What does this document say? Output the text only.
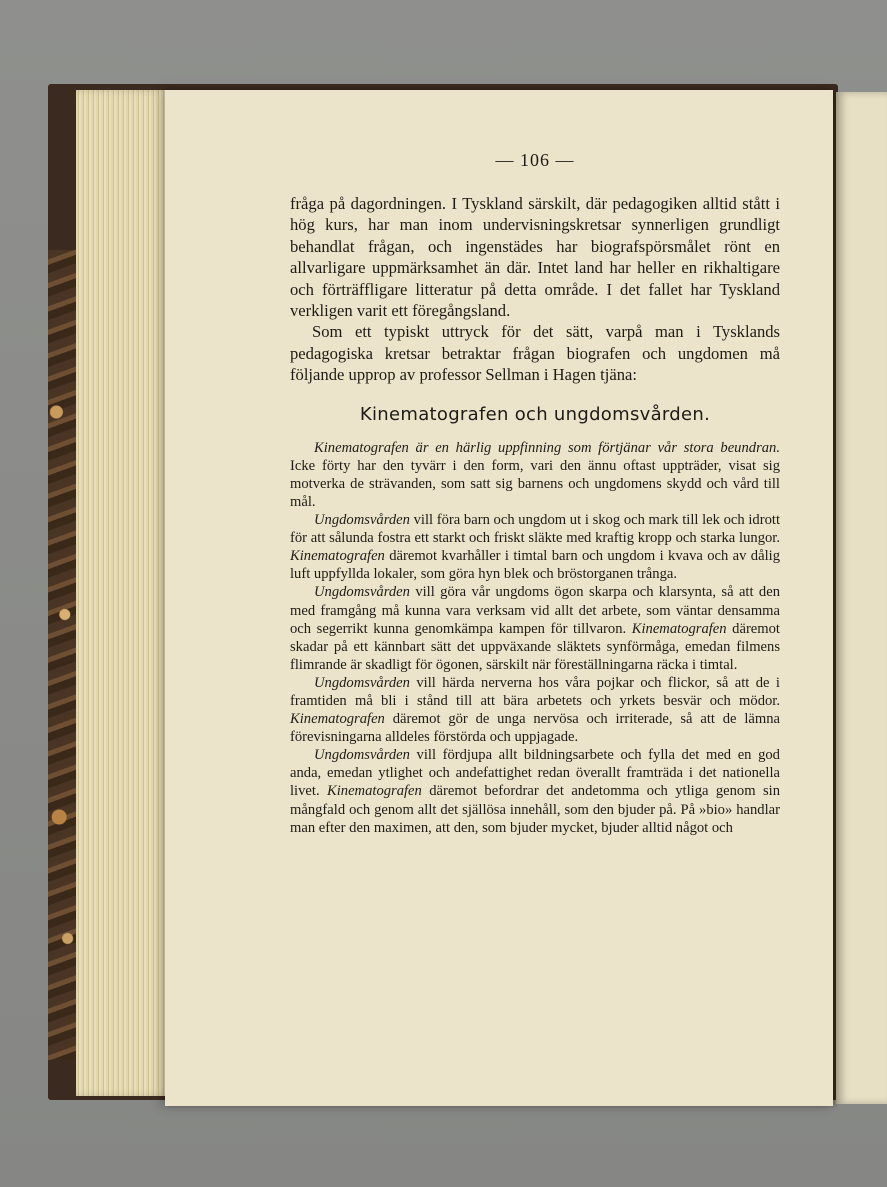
— 106 —

fråga på dagordningen. I Tyskland särskilt, där pedagogiken alltid stått i hög kurs, har man inom undervisningskretsar synnerligen grundligt behandlat frågan, och ingenstädes har biografspörsmålet rönt en allvarligare uppmärksamhet än där. Intet land har heller en rikhaltigare och förträffligare litteratur på detta område. I det fallet har Tyskland verkligen varit ett föregångsland.

Som ett typiskt uttryck för det sätt, varpå man i Tysklands pedagogiska kretsar betraktar frågan biografen och ungdomen må följande upprop av professor Sellman i Hagen tjäna:

Kinematografen och ungdomsvården.

Kinematografen är en härlig uppfinning som förtjänar vår stora beundran. Icke förty har den tyvärr i den form, vari den ännu oftast uppträder, visat sig motverka de strävanden, som satt sig barnens och ungdomens skydd och vård till mål.

Ungdomsvården vill föra barn och ungdom ut i skog och mark till lek och idrott för att sålunda fostra ett starkt och friskt släkte med kraftig kropp och starka lungor. Kinematografen däremot kvarhåller i timtal barn och ungdom i kvava och av dålig luft uppfyllda lokaler, som göra hyn blek och bröstorganen trånga.

Ungdomsvården vill göra vår ungdoms ögon skarpa och klarsynta, så att den med framgång må kunna vara verksam vid allt det arbete, som väntar densamma och segerrikt kunna genomkämpa kampen för tillvaron. Kinematografen däremot skadar på ett kännbart sätt det uppväxande släktets synförmåga, emedan filmens flimrande är skadligt för ögonen, särskilt när föreställningarna räcka i timtal.

Ungdomsvården vill härda nerverna hos våra pojkar och flickor, så att de i framtiden må bli i stånd till att bära arbetets och yrkets besvär och mödor. Kinematografen däremot gör de unga nervösa och irriterade, så att de lämna förevisningarna alldeles förstörda och uppjagade.

Ungdomsvården vill fördjupa allt bildningsarbete och fylla det med en god anda, emedan ytlighet och andefattighet redan överallt framträda i det nationella livet. Kinematografen däremot befordrar det andetomma och ytliga genom sin mångfald och genom allt det själlösa innehåll, som den bjuder på. På »bio» handlar man efter den maximen, att den, som bjuder mycket, bjuder alltid något och
